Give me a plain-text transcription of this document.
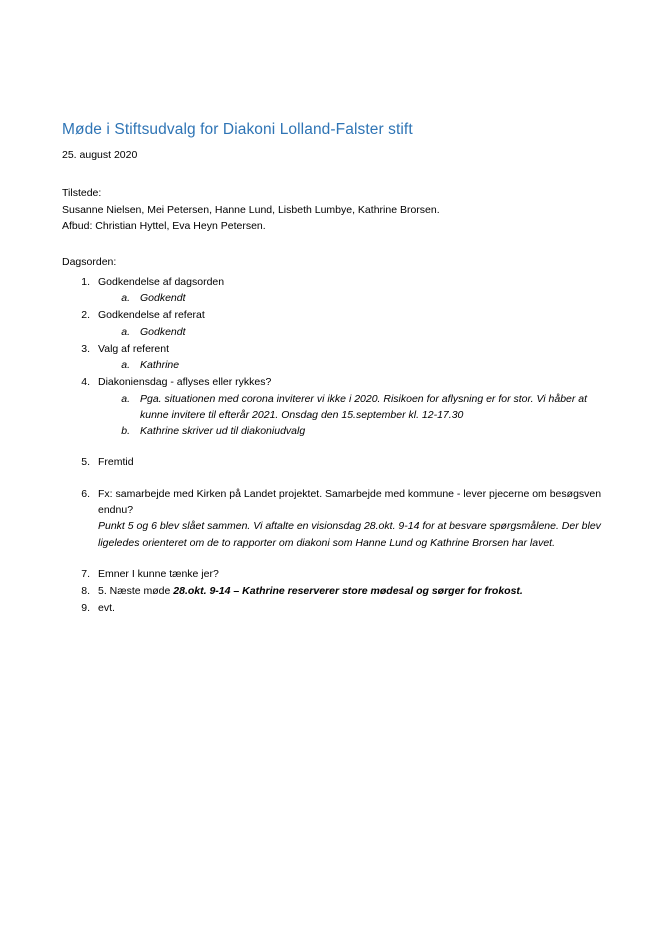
Møde i Stiftsudvalg for Diakoni Lolland-Falster stift
25. august 2020
Tilstede:
Susanne Nielsen, Mei Petersen, Hanne Lund, Lisbeth Lumbye, Kathrine Brorsen.
Afbud: Christian Hyttel, Eva Heyn Petersen.
Dagsorden:
1. Godkendelse af dagsorden
a. Godkendt
2. Godkendelse af referat
a. Godkendt
3. Valg af referent
a. Kathrine
4. Diakoniensdag - aflyses eller rykkes?
a. Pga. situationen med corona inviterer vi ikke i 2020. Risikoen for aflysning er for stor. Vi håber at kunne invitere til efterår 2021. Onsdag den 15.september kl. 12-17.30
b. Kathrine skriver ud til diakoniudvalg
5. Fremtid
6. Fx: samarbejde med Kirken på Landet projektet. Samarbejde med kommune - lever pjecerne om besøgsven endnu?
Punkt 5 og 6 blev slået sammen. Vi aftalte en visionsdag 28.okt. 9-14 for at besvare spørgsmålene. Der blev ligeledes orienteret om de to rapporter om diakoni som Hanne Lund og Kathrine Brorsen har lavet.
7. Emner I kunne tænke jer?
8. 5. Næste møde 28.okt. 9-14 – Kathrine reserverer store mødesal og sørger for frokost.
9. evt.
